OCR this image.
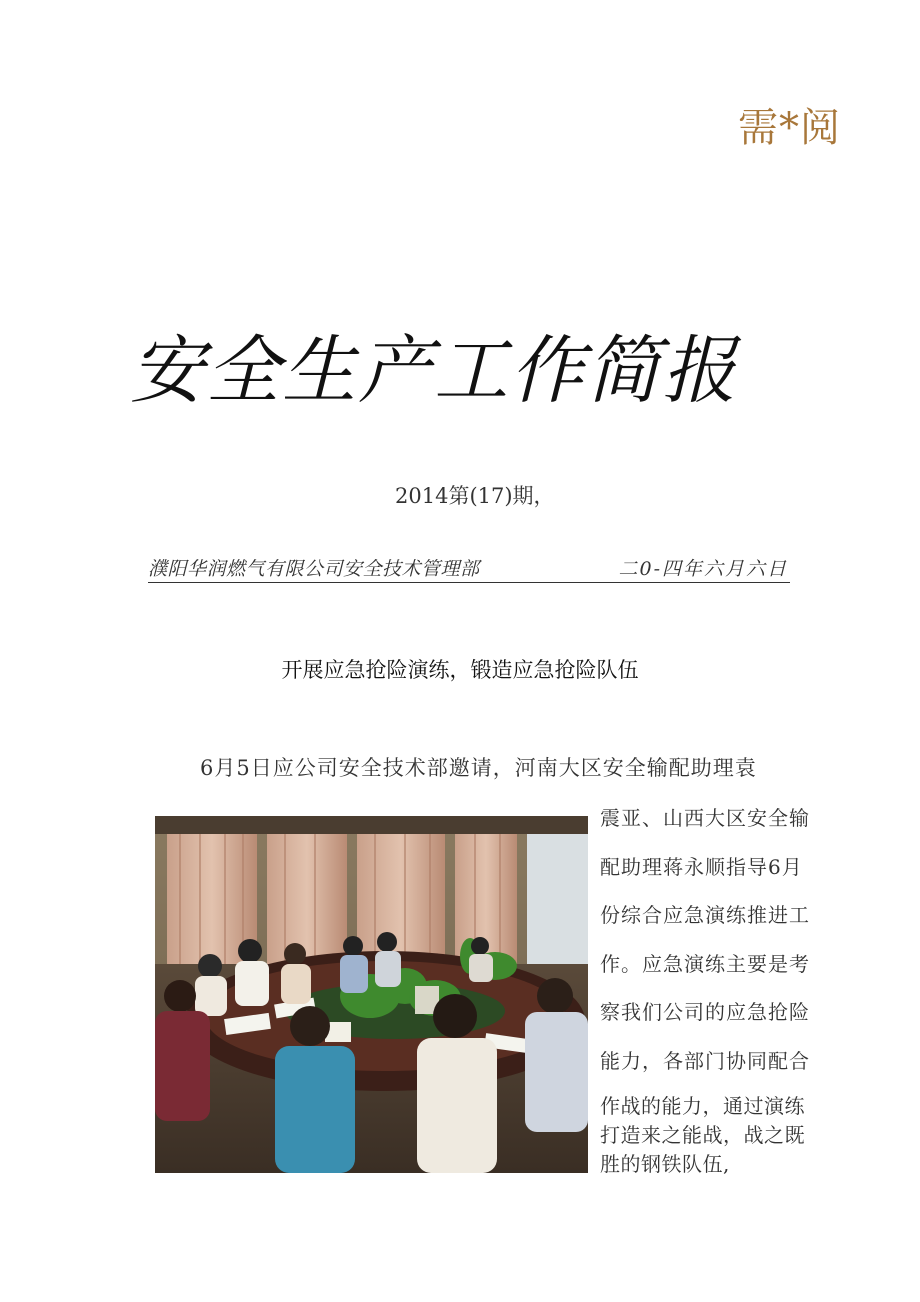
需*阅
安全生产工作简报
2014第(17)期，
濮阳华润燃气有限公司安全技术管理部	二0-四年六月六日
开展应急抢险演练，锻造应急抢险队伍
6月5日应公司安全技术部邀请，河南大区安全输配助理袁
震亚、山西大区安全输
配助理蒋永顺指导6月
份综合应急演练推进工
作。应急演练主要是考
察我们公司的应急抢险
能力，各部门协同配合
作战的能力，通过演练
打造来之能战，战之既
胜的钢铁队伍,
